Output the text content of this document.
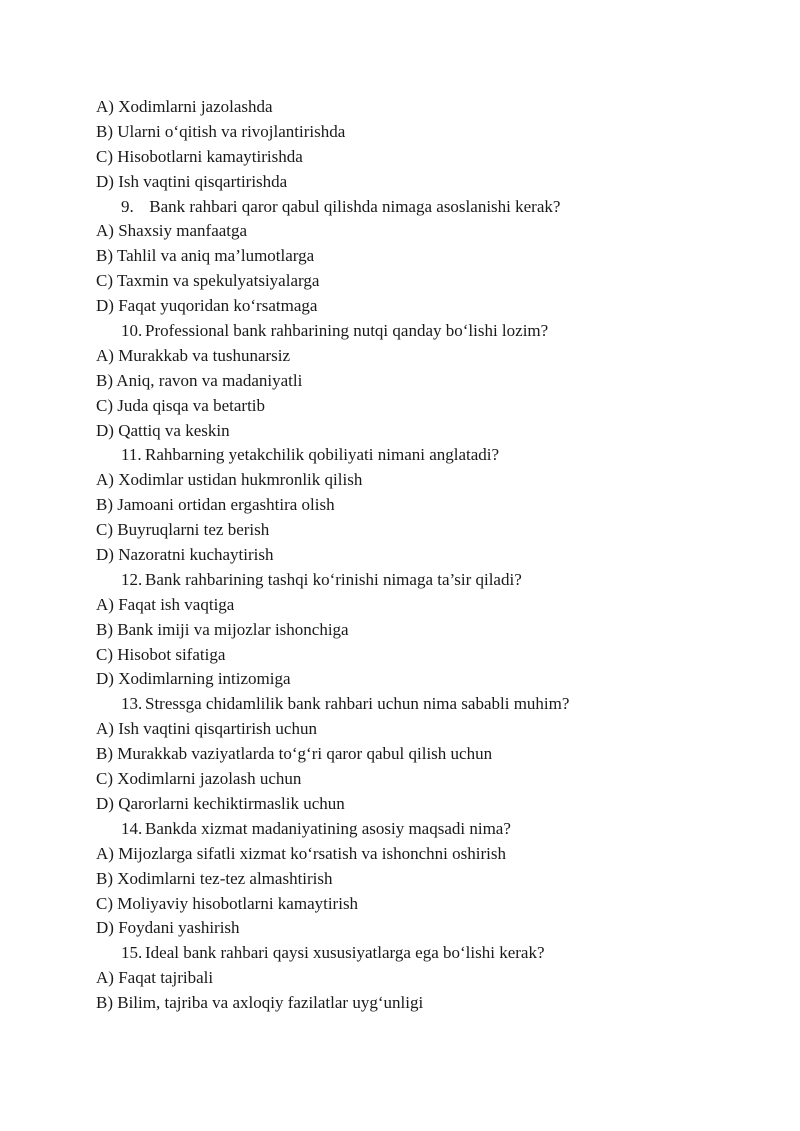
A) Xodimlarni jazolashda
B) Ularni o‘qitish va rivojlantirishda
C) Hisobotlarni kamaytirishda
D) Ish vaqtini qisqartirishda
9. Bank rahbari qaror qabul qilishda nimaga asoslanishi kerak?
A) Shaxsiy manfaatga
B) Tahlil va aniq ma’lumotlarga
C) Taxmin va spekulyatsiyalarga
D) Faqat yuqoridan ko‘rsatmaga
10. Professional bank rahbarining nutqi qanday bo‘lishi lozim?
A) Murakkab va tushunarsiz
B) Aniq, ravon va madaniyatli
C) Juda qisqa va betartib
D) Qattiq va keskin
11. Rahbarning yetakchilik qobiliyati nimani anglatadi?
A) Xodimlar ustidan hukmronlik qilish
B) Jamoani ortidan ergashtira olish
C) Buyruqlarni tez berish
D) Nazoratni kuchaytirish
12. Bank rahbarining tashqi ko‘rinishi nimaga ta’sir qiladi?
A) Faqat ish vaqtiga
B) Bank imiji va mijozlar ishonchiga
C) Hisobot sifatiga
D) Xodimlarning intizomiga
13. Stressga chidamlilik bank rahbari uchun nima sababli muhim?
A) Ish vaqtini qisqartirish uchun
B) Murakkab vaziyatlarda to‘g‘ri qaror qabul qilish uchun
C) Xodimlarni jazolash uchun
D) Qarorlarni kechiktirmaslik uchun
14. Bankda xizmat madaniyatining asosiy maqsadi nima?
A) Mijozlarga sifatli xizmat ko‘rsatish va ishonchni oshirish
B) Xodimlarni tez-tez almashtirish
C) Moliyaviy hisobotlarni kamaytirish
D) Foydani yashirish
15. Ideal bank rahbari qaysi xususiyatlarga ega bo‘lishi kerak?
A) Faqat tajribali
B) Bilim, tajriba va axloqiy fazilatlar uyg‘unligi
